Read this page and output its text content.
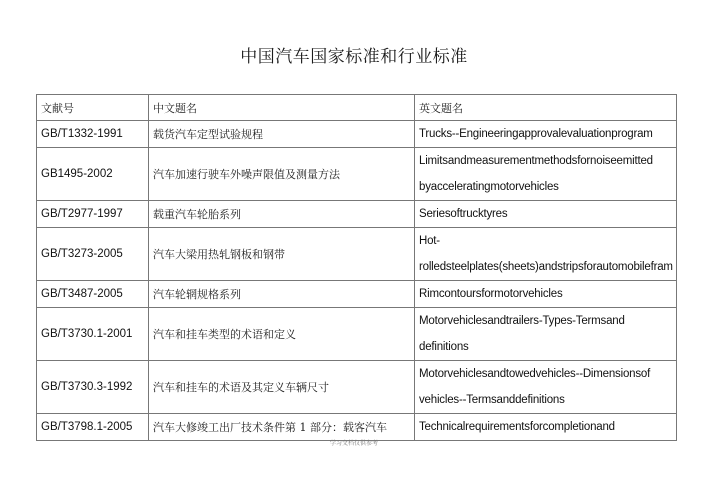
中国汽车国家标准和行业标准
文献号	中文题名	英文题名
GB/T1332-1991	载货汽车定型试验规程	Trucks--Engineeringapprovalevaluationprogram

GB1495-2002	汽车加速行驶车外噪声限值及测量方法	Limitsandmeasurementmethodsfornoiseemitted
byacceleratingmotorvehicles

GB/T2977-1997	载重汽车轮胎系列	Seriesoftrucktyres

GB/T3273-2005	汽车大梁用热轧钢板和钢带	Hot-
rolledsteelplates(sheets)andstripsforautomobilefram

GB/T3487-2005	汽车轮辋规格系列	Rimcontoursformotorvehicles

GB/T3730.1-2001	汽车和挂车类型的术语和定义	Motorvehiclesandtrailers-Types-Termsand
definitions

GB/T3730.3-1992	汽车和挂车的术语及其定义车辆尺寸	Motorvehiclesandtowedvehicles--Dimensionsof
vehicles--Termsanddefinitions

GB/T3798.1-2005	汽车大修竣工出厂技术条件第 1 部分：载客汽车	Technicalrequirementsforcompletionand
学习文档仅供参考
